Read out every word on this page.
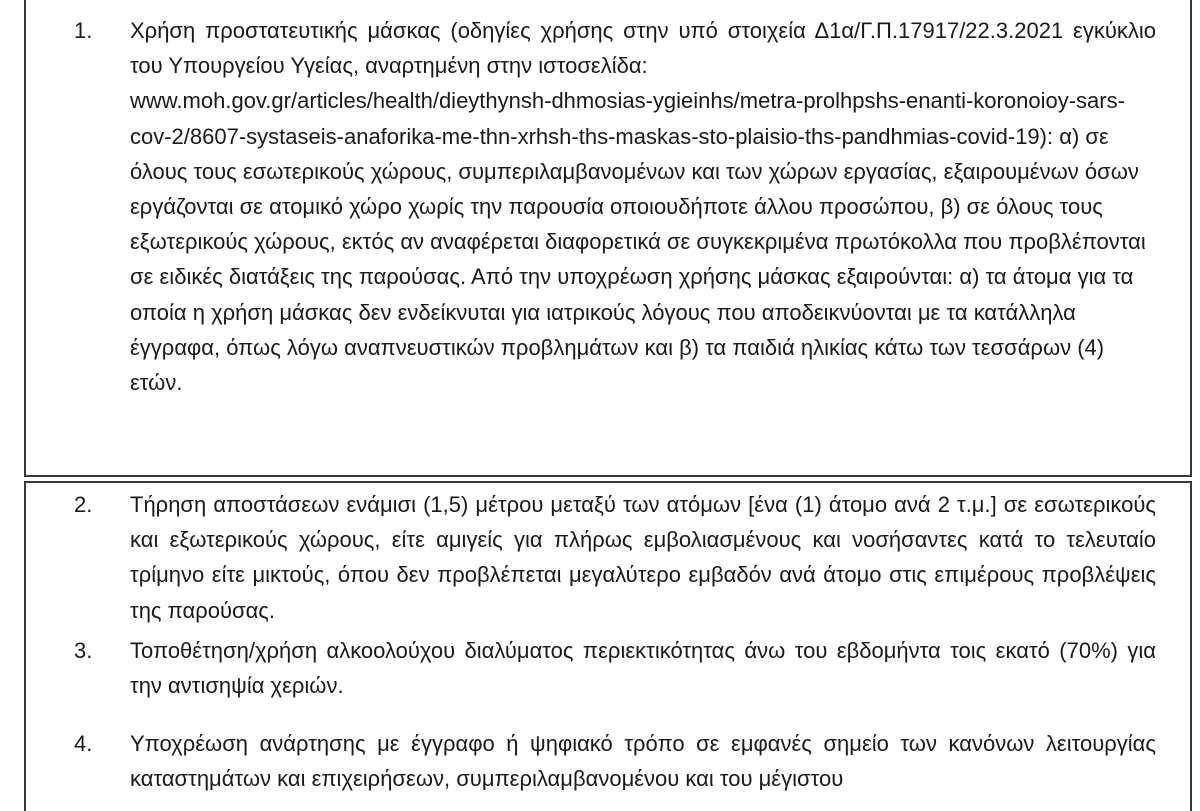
1.	Χρήση προστατευτικής μάσκας (οδηγίες χρήσης στην υπό στοιχεία Δ1α/Γ.Π.17917/22.3.2021 εγκύκλιο του Υπουργείου Υγείας, αναρτημένη στην ιστοσελίδα:
www.moh.gov.gr/articles/health/dieythynsh-dhmosias-ygieinhs/metra-prolhpshs-enanti-koronoioy-sars-cov-2/8607-systaseis-anaforika-me-thn-xrhsh-ths-maskas-sto-plaisio-ths-pandhmias-covid-19): α) σε όλους τους εσωτερικούς χώρους, συμπεριλαμβανομένων και των χώρων εργασίας, εξαιρουμένων όσων εργάζονται σε ατομικό χώρο χωρίς την παρουσία οποιουδήποτε άλλου προσώπου, β) σε όλους τους εξωτερικούς χώρους, εκτός αν αναφέρεται διαφορετικά σε συγκεκριμένα πρωτόκολλα που προβλέπονται σε ειδικές διατάξεις της παρούσας. Από την υποχρέωση χρήσης μάσκας εξαιρούνται: α) τα άτομα για τα οποία η χρήση μάσκας δεν ενδείκνυται για ιατρικούς λόγους που αποδεικνύονται με τα κατάλληλα έγγραφα, όπως λόγω αναπνευστικών προβλημάτων και β) τα παιδιά ηλικίας κάτω των τεσσάρων (4) ετών.
2.	Τήρηση αποστάσεων ενάμισι (1,5) μέτρου μεταξύ των ατόμων [ένα (1) άτομο ανά 2 τ.μ.] σε εσωτερικούς και εξωτερικούς χώρους, είτε αμιγείς για πλήρως εμβολιασμένους και νοσήσαντες κατά το τελευταίο τρίμηνο είτε μικτούς, όπου δεν προβλέπεται μεγαλύτερο εμβαδόν ανά άτομο στις επιμέρους προβλέψεις της παρούσας.
3.	Τοποθέτηση/χρήση αλκοολούχου διαλύματος περιεκτικότητας άνω του εβδομήντα τοις εκατό (70%) για την αντισηψία χεριών.
4.	Υποχρέωση ανάρτησης με έγγραφο ή ψηφιακό τρόπο σε εμφανές σημείο των κανόνων λειτουργίας καταστημάτων και επιχειρήσεων, συμπεριλαμβανομένου και του μέγιστου
